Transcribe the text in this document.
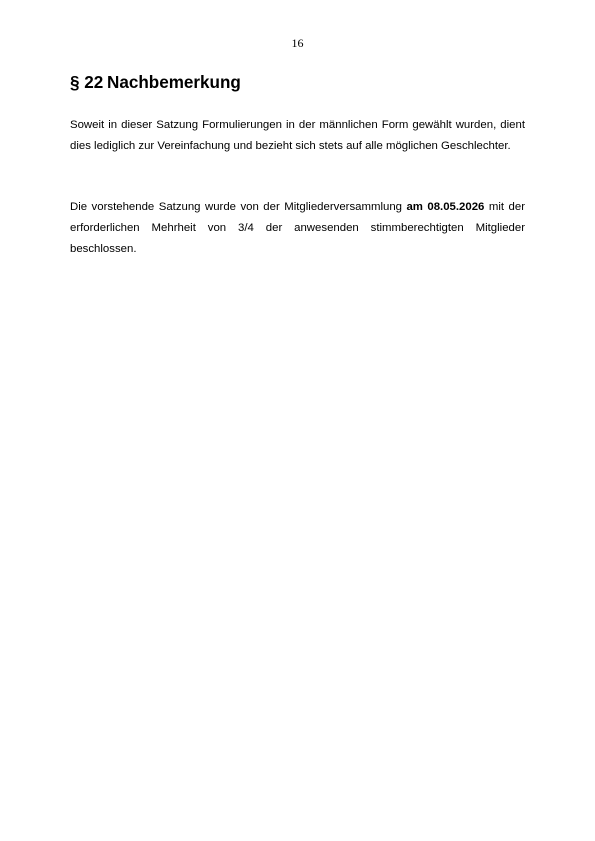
16
§ 22 Nachbemerkung

Soweit in dieser Satzung Formulierungen in der männlichen Form gewählt wurden, dient dies lediglich zur Vereinfachung und bezieht sich stets auf alle möglichen Geschlechter.

Die vorstehende Satzung wurde von der Mitgliederversammlung am 08.05.2026 mit der erforderlichen Mehrheit von 3/4 der anwesenden stimmberechtigten Mitglieder beschlossen.
